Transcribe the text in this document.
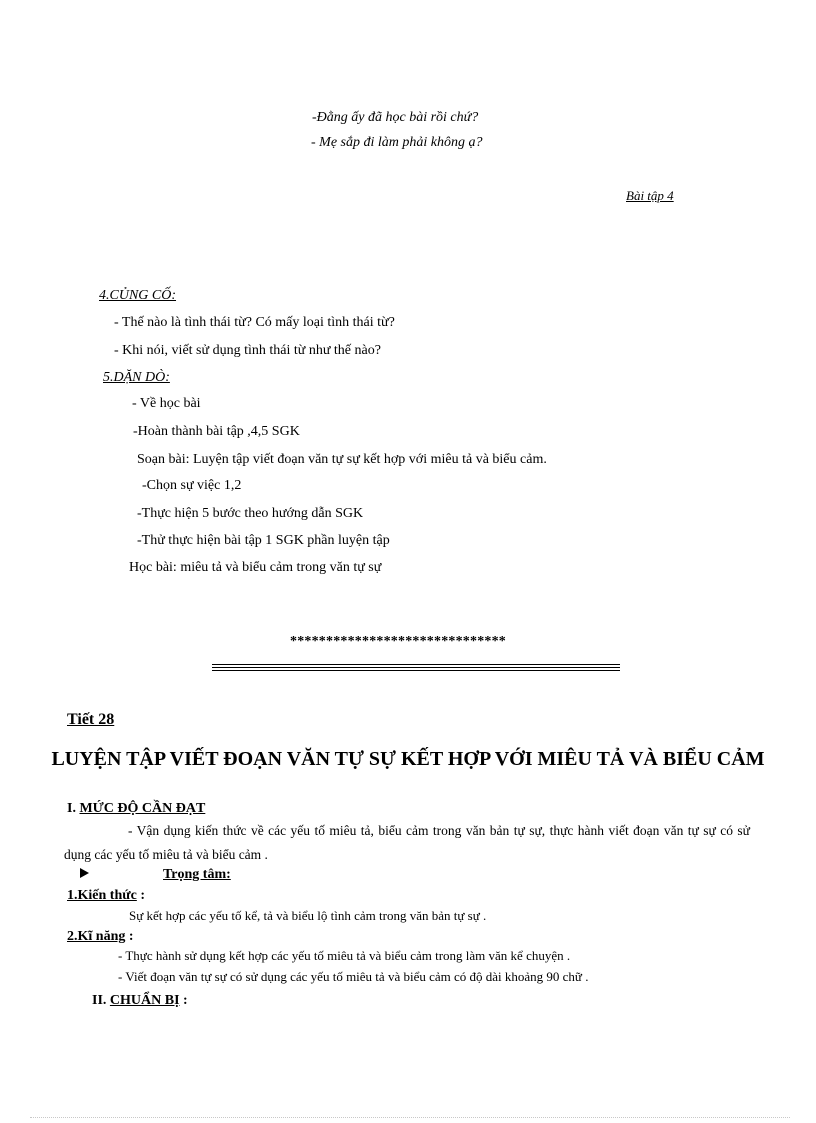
-Đằng ấy đã học bài rồi chứ?
- Mẹ sắp đi làm phải không ạ?
Bài tập 4
4.CỦNG CỐ:
- Thế nào là tình thái từ? Có mấy loại tình thái từ?
- Khi nói, viết sử dụng tình thái từ như thế nào?
5.DẶN DÒ:
- Về học bài
-Hoàn thành bài tập ,4,5 SGK
Soạn bài: Luyện tập viết đoạn văn tự sự kết hợp với miêu tả và biểu cảm.
-Chọn sự việc 1,2
-Thực hiện 5 bước theo hướng dẫn SGK
-Thử thực hiện bài tập 1 SGK phần luyện tập
Học bài: miêu tả và biểu cảm trong văn tự sự
******************************
Tiết 28
LUYỆN TẬP VIẾT ĐOẠN VĂN TỰ SỰ KẾT HỢP VỚI MIÊU TẢ VÀ BIỂU CẢM
I. MỨC ĐỘ CẦN ĐẠT
- Vận dụng kiến thức về các yếu tố miêu tả, biểu cảm trong văn bản tự sự, thực hành viết đoạn văn tự sự có sử dụng các yếu tố miêu tả và biểu cảm .
Trọng tâm:
1.Kiến thức :
Sự kết hợp các yếu tố kể, tả và biểu lộ tình cảm trong văn bản tự sự .
2.Kĩ năng :
- Thực hành sử dụng kết hợp các yếu tố miêu tả và biểu cảm trong làm văn kể chuyện .
- Viết đoạn văn tự sự có sử dụng các yếu tố miêu tả và biểu cảm có độ dài khoảng 90 chữ .
II. CHUẨN BỊ :
